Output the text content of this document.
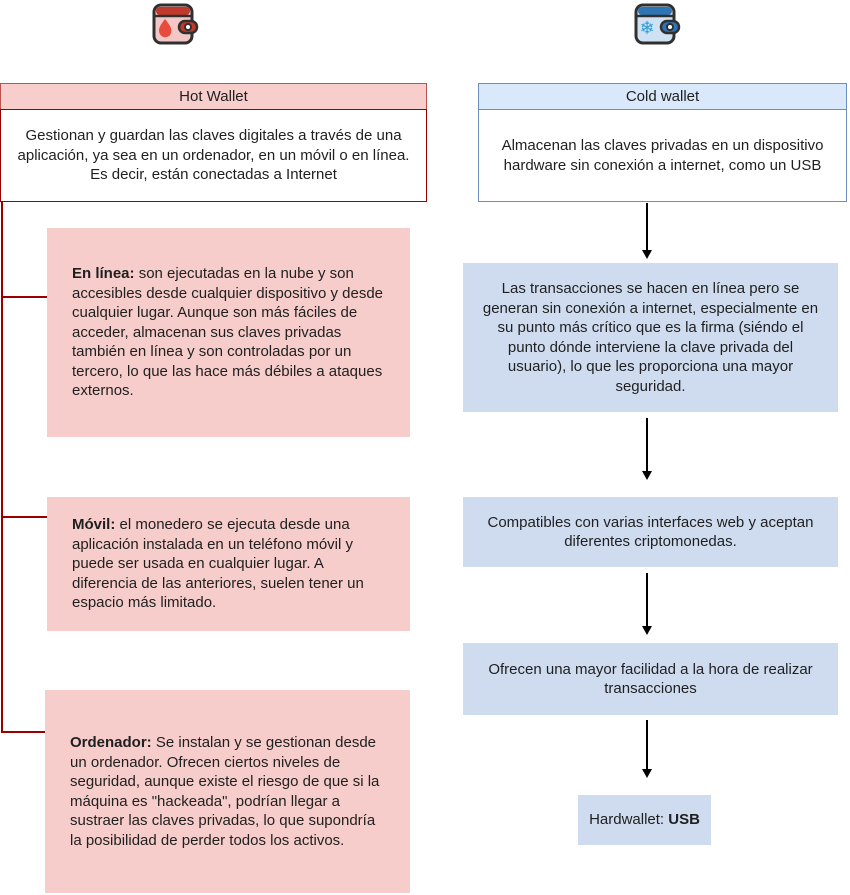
Hot Wallet
Gestionan y guardan las claves digitales a través de una aplicación, ya sea en un ordenador, en un móvil o en línea. Es decir, están conectadas a Internet

En línea: son ejecutadas en la nube y son accesibles desde cualquier dispositivo y desde cualquier lugar. Aunque son más fáciles de acceder, almacenan sus claves privadas también en línea y son controladas por un tercero, lo que las hace más débiles a ataques externos.

Móvil: el monedero se ejecuta desde una aplicación instalada en un teléfono móvil y puede ser usada en cualquier lugar. A diferencia de las anteriores, suelen tener un espacio más limitado.

Ordenador: Se instalan y se gestionan desde un ordenador. Ofrecen ciertos niveles de seguridad, aunque existe el riesgo de que si la máquina es "hackeada", podrían llegar a sustraer las claves privadas, lo que supondría la posibilidad de perder todos los activos.

❄
Cold wallet
Almacenan las claves privadas en un dispositivo hardware sin conexión a internet, como un USB
Las transacciones se hacen en línea pero se generan sin conexión a internet, especialmente en su punto más crítico que es la firma (siéndo el punto dónde interviene la clave privada del usuario), lo que les proporciona una mayor seguridad.
Compatibles con varias interfaces web y aceptan diferentes criptomonedas.
Ofrecen una mayor facilidad a la hora de realizar transacciones
Hardwallet: USB
